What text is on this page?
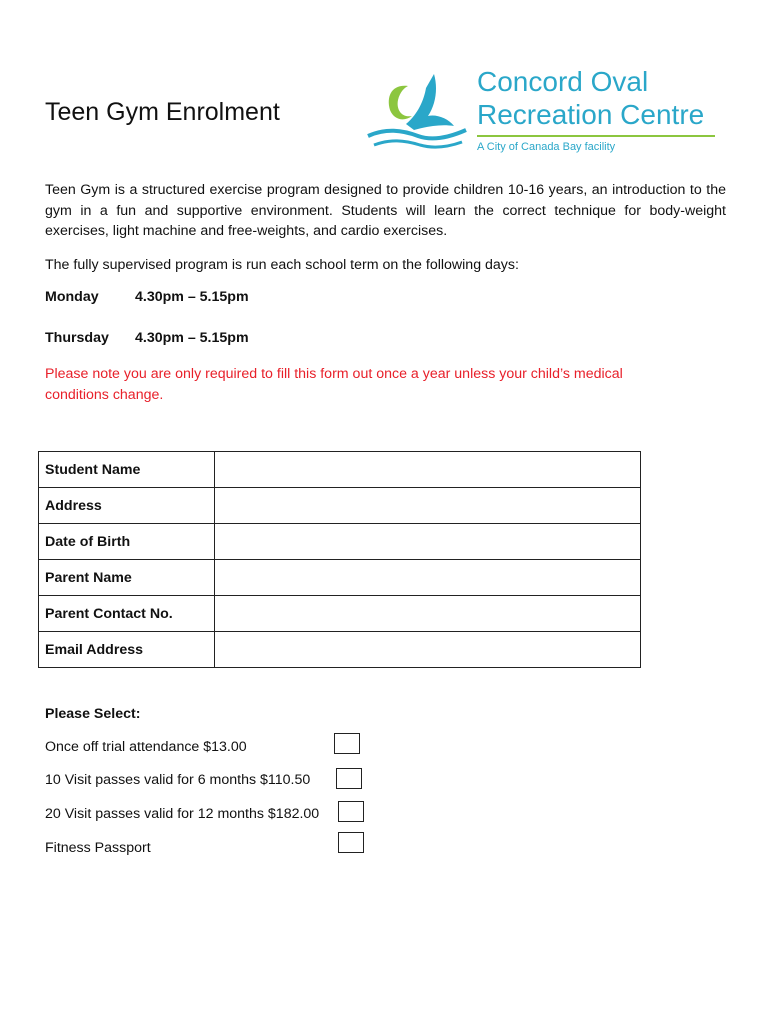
Teen Gym Enrolment
Concord Oval
Recreation Centre
A City of Canada Bay facility
Teen Gym is a structured exercise program designed to provide children 10-16 years, an introduction to the gym in a fun and supportive environment. Students will learn the correct technique for body-weight exercises, light machine and free-weights, and cardio exercises.
The fully supervised program is run each school term on the following days:
Monday	4.30pm – 5.15pm
Thursday 4.30pm – 5.15pm
Please note you are only required to fill this form out once a year unless your child’s medical conditions change.
Student Name	
Address	
Date of Birth	
Parent Name	
Parent Contact No.	
Email Address	
Please Select:
Once off trial attendance $13.00
10 Visit passes valid for 6 months $110.50
20 Visit passes valid for 12 months $182.00
Fitness Passport
